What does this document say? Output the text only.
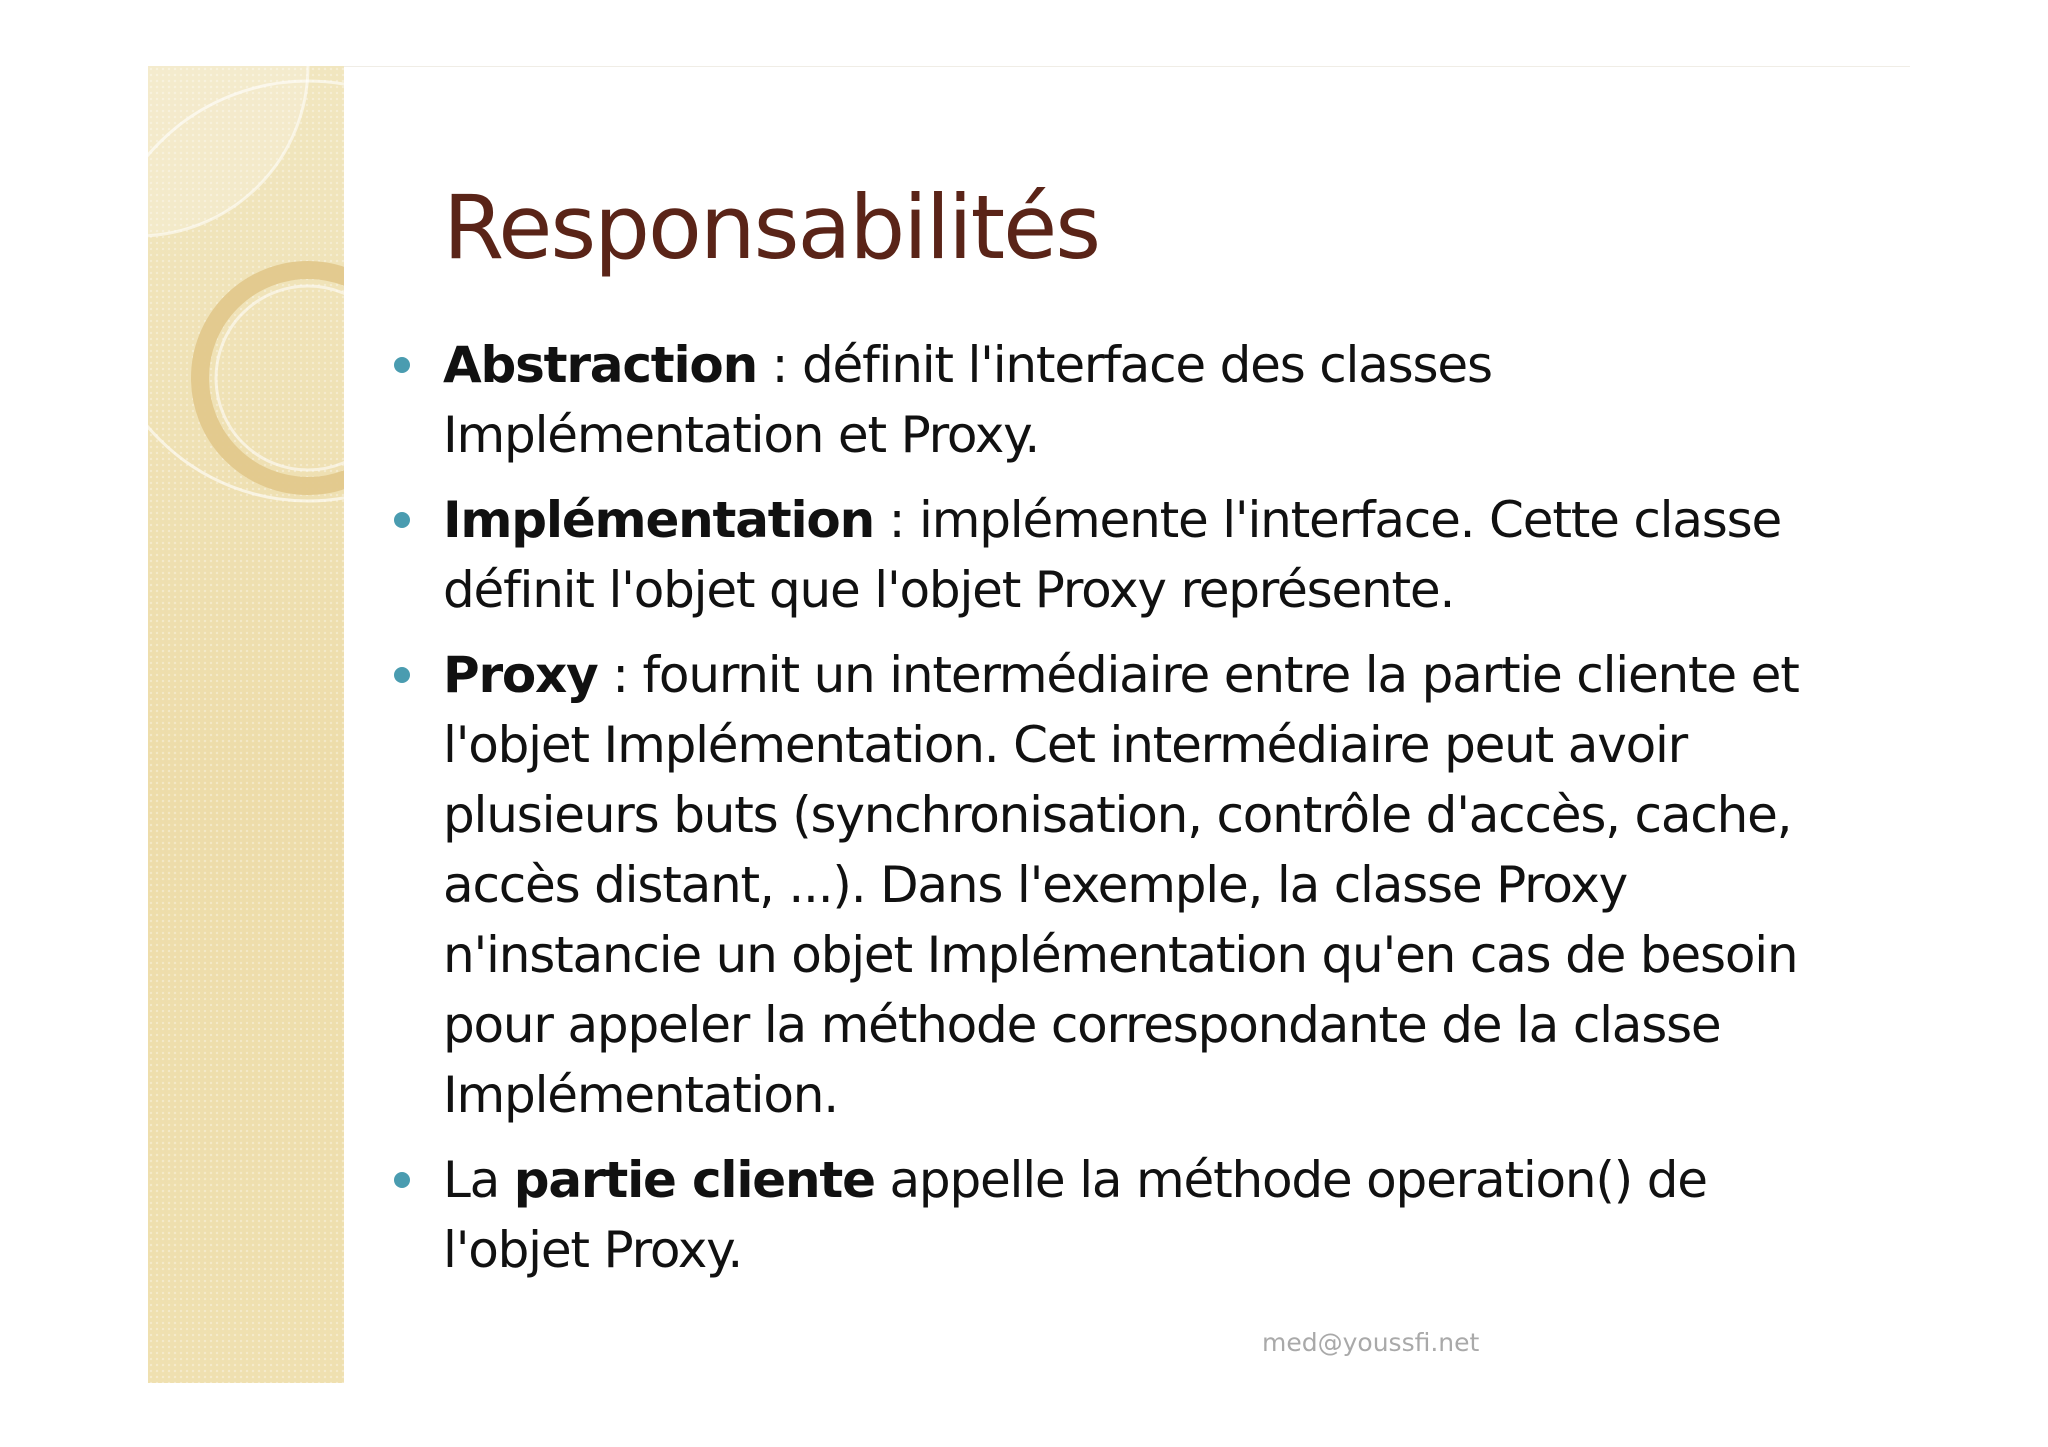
Responsabilités
Abstraction : définit l'interface des classes
Implémentation et Proxy.
Implémentation : implémente l'interface. Cette classe
définit l'objet que l'objet Proxy représente.
Proxy : fournit un intermédiaire entre la partie cliente et
l'objet Implémentation. Cet intermédiaire peut avoir
plusieurs buts (synchronisation, contrôle d'accès, cache,
accès distant, ...). Dans l'exemple, la classe Proxy
n'instancie un objet Implémentation qu'en cas de besoin
pour appeler la méthode correspondante de la classe
Implémentation.
La partie cliente appelle la méthode operation() de
l'objet Proxy.
med@youssfi.net
